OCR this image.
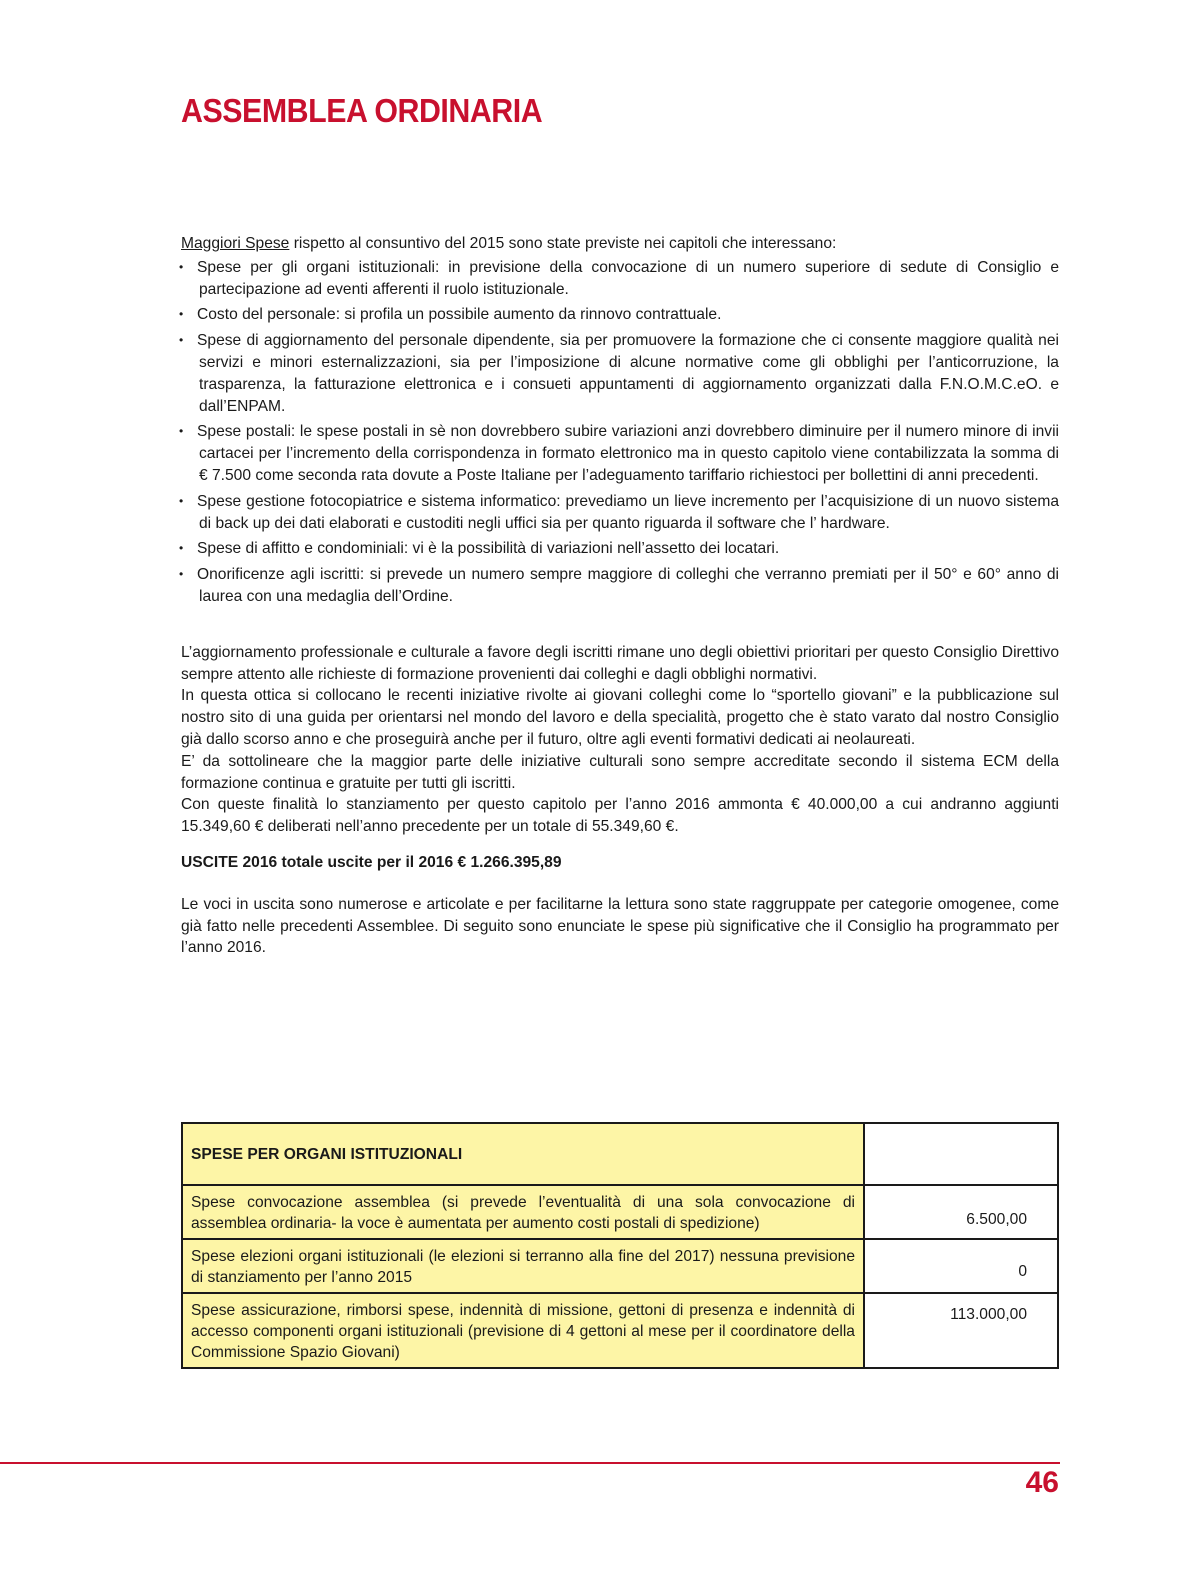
ASSEMBLEA ORDINARIA

Maggiori Spese rispetto al consuntivo del 2015 sono state previste nei capitoli che interessano:

• Spese per gli organi istituzionali: in previsione della convocazione di un numero superiore di sedute di Consiglio e partecipazione ad eventi afferenti il ruolo istituzionale.
• Costo del personale: si profila un possibile aumento da rinnovo contrattuale.
• Spese di aggiornamento del personale dipendente, sia per promuovere la formazione che ci consente maggiore qualità nei servizi e minori esternalizzazioni, sia per l’imposizione di alcune normative come gli obblighi per l’anticorruzione, la trasparenza, la fatturazione elettronica e i consueti appuntamenti di aggiornamento organizzati dalla F.N.O.M.C.eO. e dall’ENPAM.
• Spese postali: le spese postali in sè non dovrebbero subire variazioni anzi dovrebbero diminuire per il numero minore di invii cartacei per l’incremento della corrispondenza in formato elettronico ma in questo capitolo viene contabilizzata la somma di € 7.500 come seconda rata dovute a Poste Italiane per l’adeguamento tariffario richiestoci per bollettini di anni precedenti.
• Spese gestione fotocopiatrice e sistema informatico: prevediamo un lieve incremento per l’acquisizione di un nuovo sistema di back up dei dati elaborati e custoditi negli uffici sia per quanto riguarda il software che l’ hardware.
• Spese di affitto e condominiali: vi è la possibilità di variazioni nell’assetto dei locatari.
• Onorificenze agli iscritti: si prevede un numero sempre maggiore di colleghi che verranno premiati per il 50° e 60° anno di laurea con una medaglia dell’Ordine.

L’aggiornamento professionale e culturale a favore degli iscritti rimane uno degli obiettivi prioritari per questo Consiglio Direttivo sempre attento alle richieste di formazione provenienti dai colleghi e dagli obblighi normativi.

In questa ottica si collocano le recenti iniziative rivolte ai giovani colleghi come lo “sportello giovani” e la pubblicazione sul nostro sito di una guida per orientarsi nel mondo del lavoro e della specialità, progetto che è stato varato dal nostro Consiglio già dallo scorso anno e che proseguirà anche per il futuro, oltre agli eventi formativi dedicati ai neolaureati.

E’ da sottolineare che la maggior parte delle iniziative culturali sono sempre accreditate secondo il sistema ECM della formazione continua e gratuite per tutti gli iscritti.

Con queste finalità lo stanziamento per questo capitolo per l’anno 2016 ammonta € 40.000,00 a cui andranno aggiunti 15.349,60 € deliberati nell’anno precedente per un totale di 55.349,60 €.

USCITE 2016 totale uscite per il 2016 € 1.266.395,89

Le voci in uscita sono numerose e articolate e per facilitarne la lettura sono state raggruppate per categorie omogenee, come già fatto nelle precedenti Assemblee. Di seguito sono enunciate le spese più significative che il Consiglio ha programmato per l’anno 2016.

SPESE PER ORGANI ISTITUZIONALI	
Spese convocazione assemblea (si prevede l’eventualità di una sola convocazione di assemblea ordinaria- la voce è aumentata per aumento costi postali di spedizione)	6.500,00
Spese elezioni organi istituzionali (le elezioni si terranno alla fine del 2017) nessuna previsione di stanziamento per l’anno 2015	0
Spese assicurazione, rimborsi spese, indennità di missione, gettoni di presenza e indennità di accesso componenti organi istituzionali (previsione di 4 gettoni al mese per il coordinatore della Commissione Spazio Giovani)	113.000,00
46
